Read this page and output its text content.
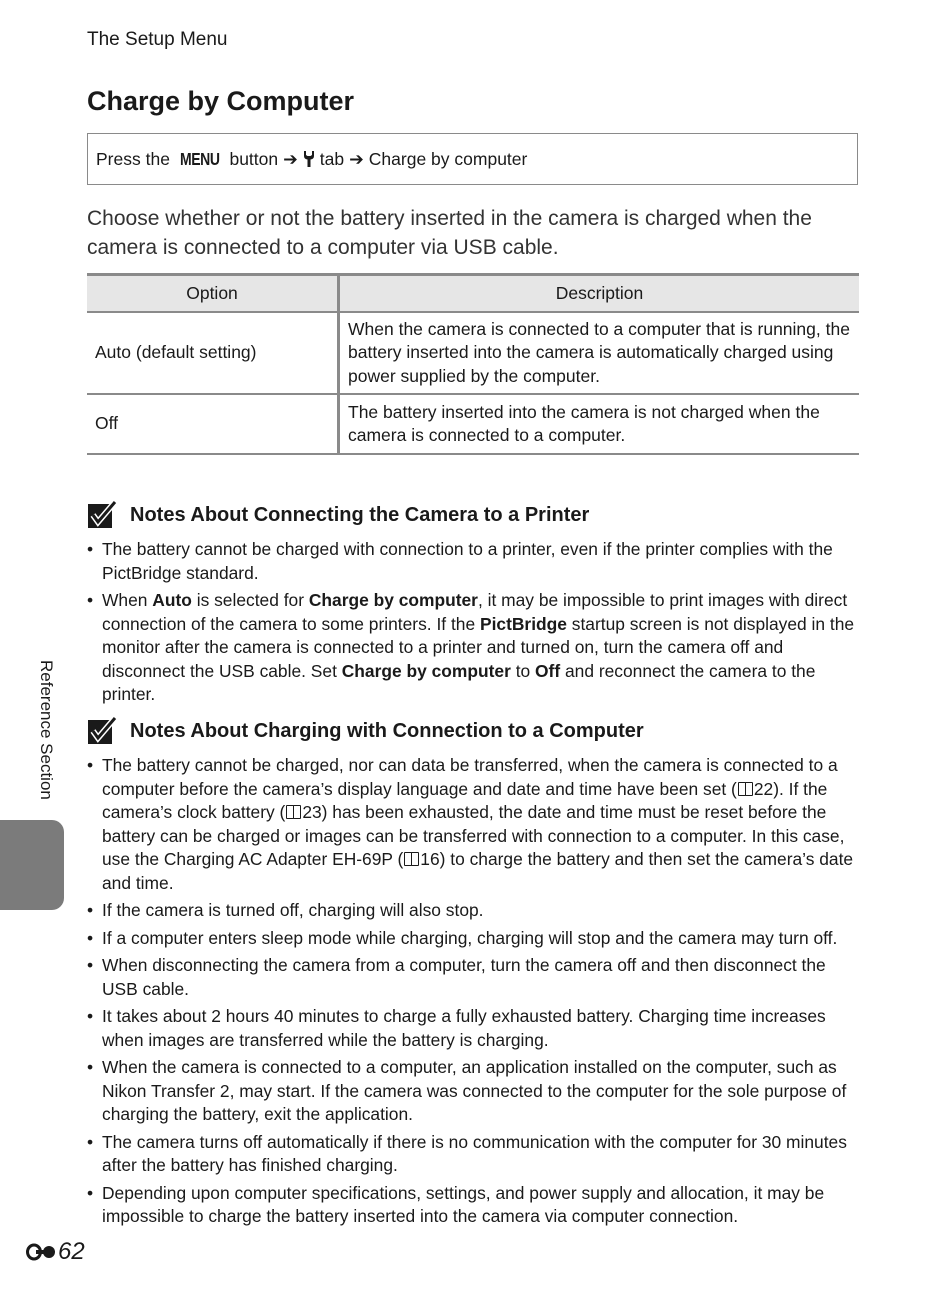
The Setup Menu
Charge by Computer
Press the MENU button ➔ tab ➔ Charge by computer

Choose whether or not the battery inserted in the camera is charged when the camera is connected to a computer via USB cable.

Option	Description
Auto (default setting)	When the camera is connected to a computer that is running, the battery inserted into the camera is automatically charged using power supplied by the computer.
Off	The battery inserted into the camera is not charged when the camera is connected to a computer.
Notes About Connecting the Camera to a Printer
• The battery cannot be charged with connection to a printer, even if the printer complies with the PictBridge standard.
• When Auto is selected for Charge by computer, it may be impossible to print images with direct connection of the camera to some printers. If the PictBridge startup screen is not displayed in the monitor after the camera is connected to a printer and turned on, turn the camera off and disconnect the USB cable. Set Charge by computer to Off and reconnect the camera to the printer.
Notes About Charging with Connection to a Computer
• The battery cannot be charged, nor can data be transferred, when the camera is connected to a computer before the camera’s display language and date and time have been set ( 22). If the camera’s clock battery ( 23) has been exhausted, the date and time must be reset before the battery can be charged or images can be transferred with connection to a computer. In this case, use the Charging AC Adapter EH-69P ( 16) to charge the battery and then set the camera’s date and time.
• If the camera is turned off, charging will also stop.
• If a computer enters sleep mode while charging, charging will stop and the camera may turn off.
• When disconnecting the camera from a computer, turn the camera off and then disconnect the USB cable.
• It takes about 2 hours 40 minutes to charge a fully exhausted battery. Charging time increases when images are transferred while the battery is charging.
• When the camera is connected to a computer, an application installed on the computer, such as Nikon Transfer 2, may start. If the camera was connected to the computer for the sole purpose of charging the battery, exit the application.
• The camera turns off automatically if there is no communication with the computer for 30 minutes after the battery has finished charging.
• Depending upon computer specifications, settings, and power supply and allocation, it may be impossible to charge the battery inserted into the camera via computer connection.
Reference Section
62
